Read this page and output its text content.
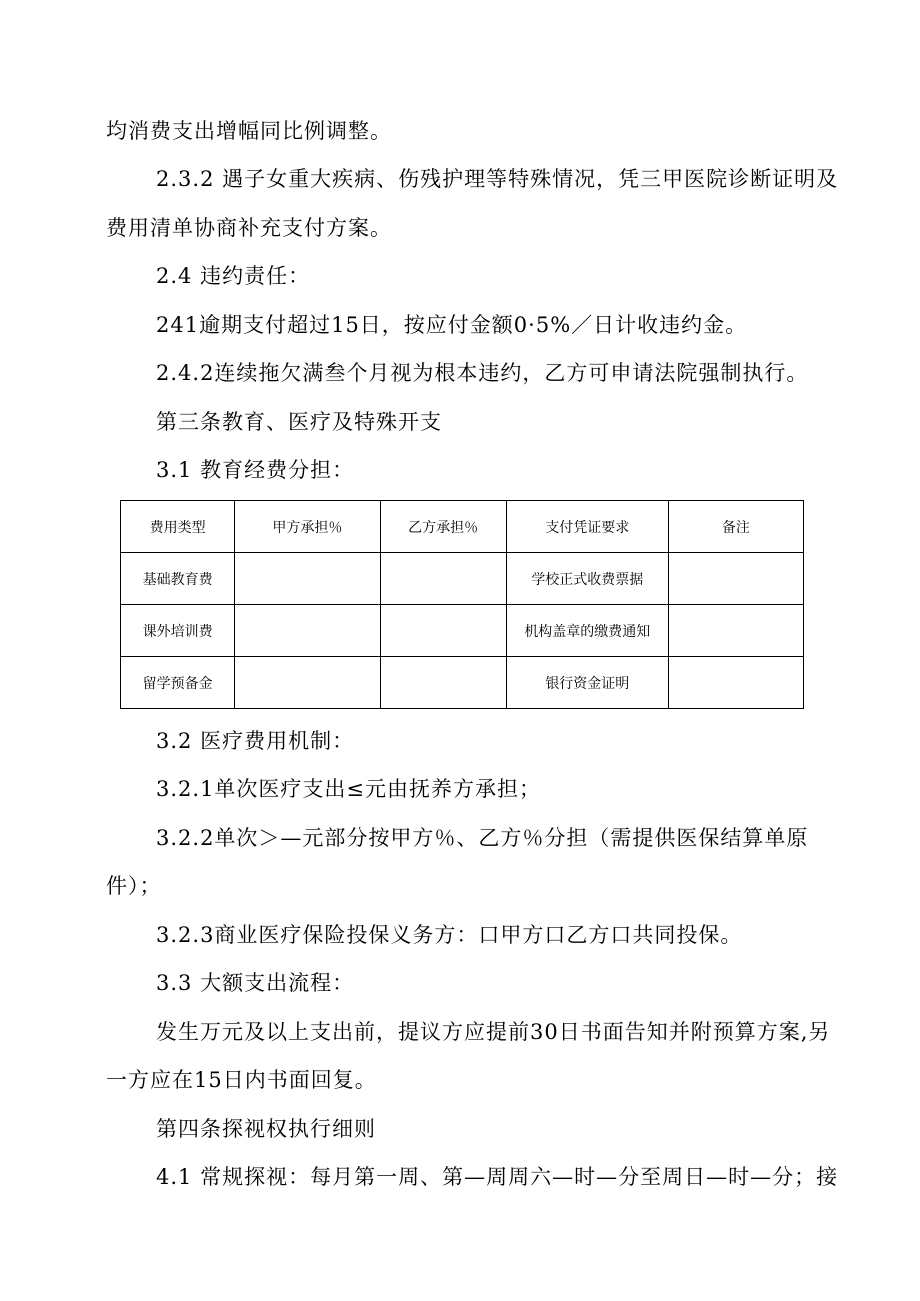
均消费支出增幅同比例调整。
2.3.2 遇子女重大疾病、伤残护理等特殊情况，凭三甲医院诊断证明及
费用清单协商补充支付方案。
2.4 违约责任：
241逾期支付超过15日，按应付金额0·5%／日计收违约金。
2.4.2连续拖欠满叁个月视为根本违约，乙方可申请法院强制执行。
第三条教育、医疗及特殊开支
3.1 教育经费分担：
费用类型	甲方承担％	乙方承担％	支付凭证要求	备注
基础教育费			学校正式收费票据	
课外培训费			机构盖章的缴费通知	
留学预备金			银行资金证明	
3.2 医疗费用机制：
3.2.1单次医疗支出≤元由抚养方承担；
3.2.2单次＞—元部分按甲方％、乙方％分担（需提供医保结算单原
件）；
3.2.3商业医疗保险投保义务方：口甲方口乙方口共同投保。
3.3 大额支出流程：
发生万元及以上支出前，提议方应提前30日书面告知并附预算方案,另
一方应在15日内书面回复。
第四条探视权执行细则
4.1 常规探视：每月第一周、第—周周六—时—分至周日—时—分；接
